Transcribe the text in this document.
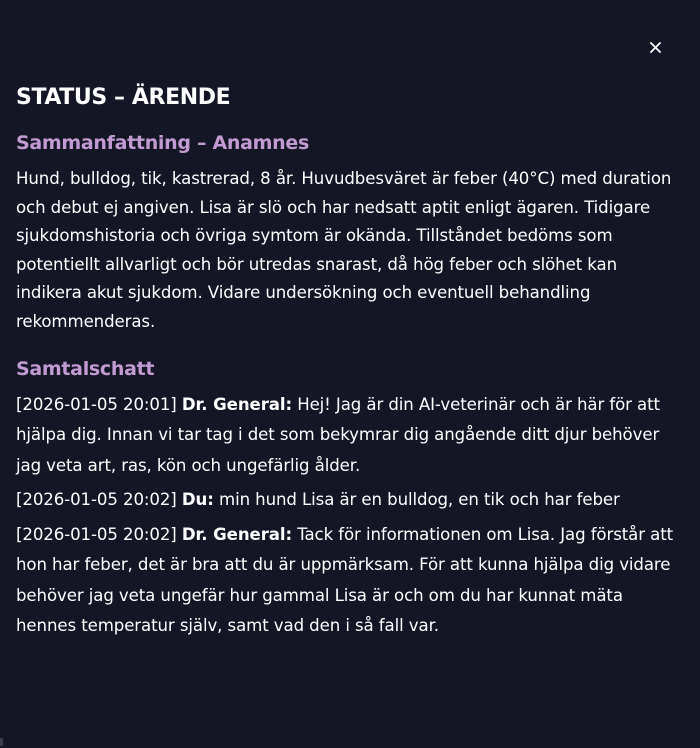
STATUS – ÄRENDE
Sammanfattning – Anamnes

Hund, bulldog, tik, kastrerad, 8 år. Huvudbesväret är feber (40°C) med duration och debut ej angiven. Lisa är slö och har nedsatt aptit enligt ägaren. Tidigare sjukdomshistoria och övriga symtom är okända. Tillståndet bedöms som potentiellt allvarligt och bör utredas snarast, då hög feber och slöhet kan indikera akut sjukdom. Vidare undersökning och eventuell behandling rekommenderas.

Samtalschatt

[2026-01-05 20:01] Dr. General: Hej! Jag är din AI-veterinär och är här för att hjälpa dig. Innan vi tar tag i det som bekymrar dig angående ditt djur behöver jag veta art, ras, kön och ungefärlig ålder.

[2026-01-05 20:02] Du: min hund Lisa är en bulldog, en tik och har feber

[2026-01-05 20:02] Dr. General: Tack för informationen om Lisa. Jag förstår att hon har feber, det är bra att du är uppmärksam. För att kunna hjälpa dig vidare behöver jag veta ungefär hur gammal Lisa är och om du har kunnat mäta hennes temperatur själv, samt vad den i så fall var.
